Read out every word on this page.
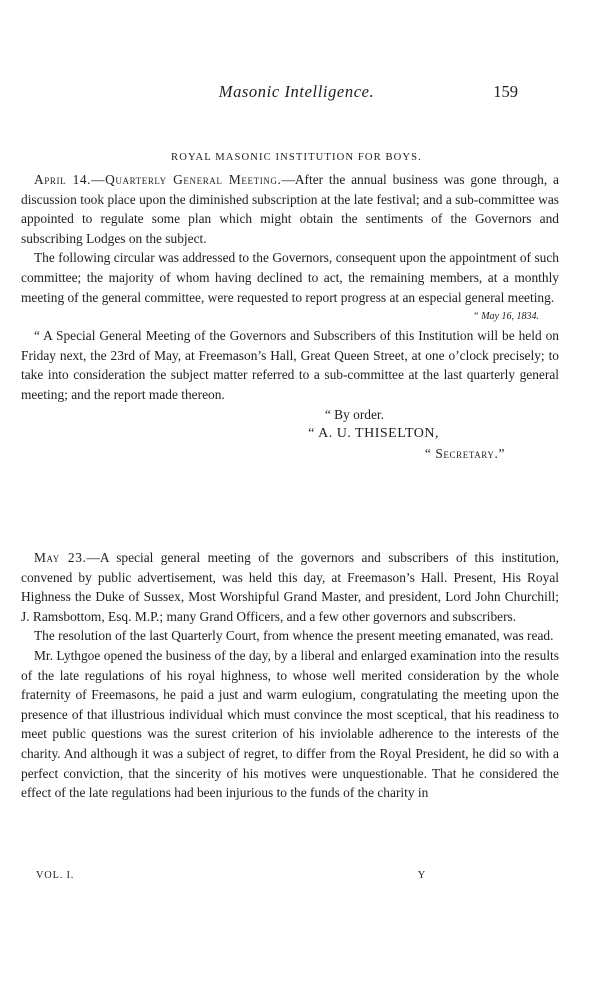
Masonic Intelligence.	159
ROYAL MASONIC INSTITUTION FOR BOYS.

April 14.—Quarterly General Meeting.—After the annual business was gone through, a discussion took place upon the diminished subscription at the late festival; and a sub-committee was appointed to regulate some plan which might obtain the sentiments of the Governors and subscribing Lodges on the subject.

The following circular was addressed to the Governors, consequent upon the appointment of such committee; the majority of whom having declined to act, the remaining members, at a monthly meeting of the general committee, were requested to report progress at an especial general meeting.

“ May 16, 1834.

“ A Special General Meeting of the Governors and Subscribers of this Institution will be held on Friday next, the 23rd of May, at Freemason’s Hall, Great Queen Street, at one o’clock precisely; to take into consideration the subject matter referred to a sub-committee at the last quarterly general meeting; and the report made thereon.

“ By order.
“ A. U. THISELTON,
“ Secretary.”

May 23.—A special general meeting of the governors and subscribers of this institution, convened by public advertisement, was held this day, at Freemason’s Hall. Present, His Royal Highness the Duke of Sussex, Most Worshipful Grand Master, and president, Lord John Churchill; J. Ramsbottom, Esq. M.P.; many Grand Officers, and a few other governors and subscribers.

The resolution of the last Quarterly Court, from whence the present meeting emanated, was read.

Mr. Lythgoe opened the business of the day, by a liberal and enlarged examination into the results of the late regulations of his royal highness, to whose well merited consideration by the whole fraternity of Freemasons, he paid a just and warm eulogium, congratulating the meeting upon the presence of that illustrious individual which must convince the most sceptical, that his readiness to meet public questions was the surest criterion of his inviolable adherence to the interests of the charity. And although it was a subject of regret, to differ from the Royal President, he did so with a perfect conviction, that the sincerity of his motives were unquestionable. That he considered the effect of the late regulations had been injurious to the funds of the charity in

VOL. I.	Y
